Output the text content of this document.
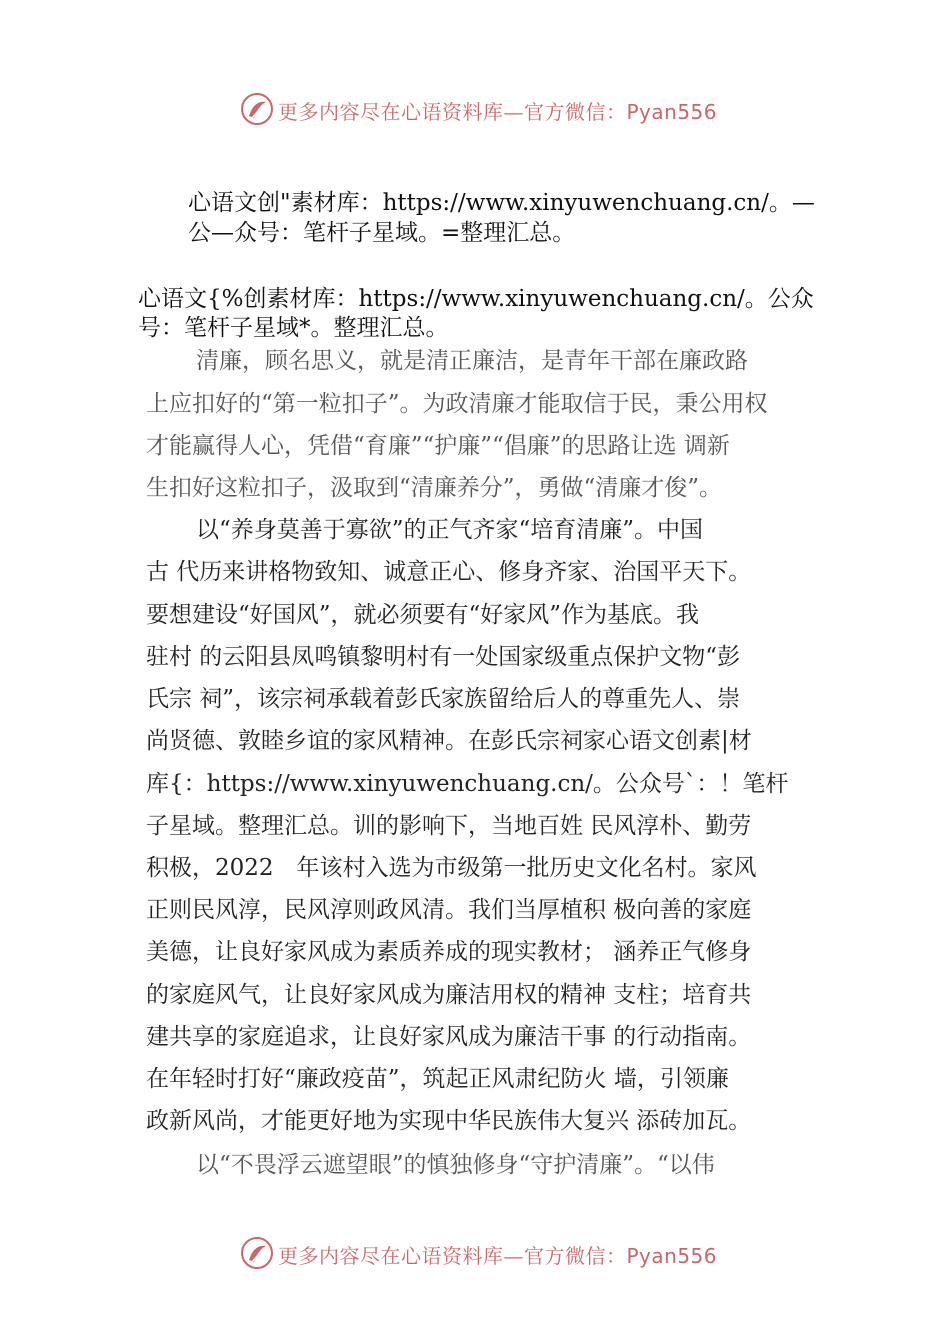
更多内容尽在心语资料库—官方微信：Pyan556
心语文创"素材库：https://www.xinyuwenchuang.cn/。—
公—众号：笔杆子星域。=整理汇总。
心语文{%创素材库：https://www.xinyuwenchuang.cn/。公众
号：笔杆子星域*。整理汇总。
清廉，顾名思义，就是清正廉洁，是青年干部在廉政路
上应扣好的“第一粒扣子”。为政清廉才能取信于民，秉公用权
才能赢得人心，凭借“育廉”“护廉”“倡廉”的思路让选 调新
生扣好这粒扣子，汲取到“清廉养分”，勇做“清廉才俊”。
以“养身莫善于寡欲”的正气齐家“培育清廉”。中国
古 代历来讲格物致知、诚意正心、修身齐家、治国平天下。
要想建设“好国风”，就必须要有“好家风”作为基底。我
驻村 的云阳县凤鸣镇黎明村有一处国家级重点保护文物“彭
氏宗 祠”，该宗祠承载着彭氏家族留给后人的尊重先人、崇
尚贤德、敦睦乡谊的家风精神。在彭氏宗祠家心语文创素|材
库{：https://www.xinyuwenchuang.cn/。公众号`：！笔杆
子星域。整理汇总。训的影响下，当地百姓 民风淳朴、勤劳
积极，2022　年该村入选为市级第一批历史文化名村。家风
正则民风淳，民风淳则政风清。我们当厚植积 极向善的家庭
美德，让良好家风成为素质养成的现实教材； 涵养正气修身
的家庭风气，让良好家风成为廉洁用权的精神 支柱；培育共
建共享的家庭追求，让良好家风成为廉洁干事 的行动指南。
在年轻时打好“廉政疫苗”，筑起正风肃纪防火 墙，引领廉
政新风尚，才能更好地为实现中华民族伟大复兴 添砖加瓦。
以“不畏浮云遮望眼”的慎独修身“守护清廉”。“以伟
更多内容尽在心语资料库—官方微信：Pyan556
